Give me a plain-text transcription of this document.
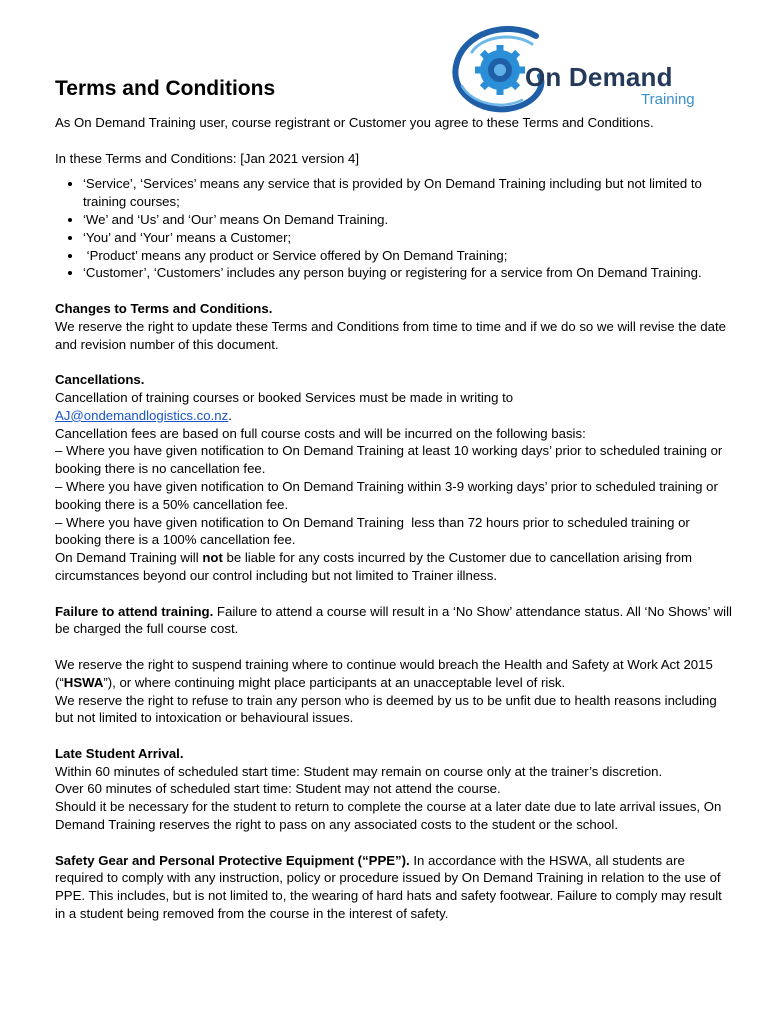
On Demand
Training
Terms and Conditions

As On Demand Training user, course registrant or Customer you agree to these Terms and Conditions.

In these Terms and Conditions: [Jan 2021 version 4]

• ‘Service’, ‘Services’ means any service that is provided by On Demand Training including but not limited to training courses;
• ‘We’ and ‘Us’ and ‘Our’ means On Demand Training.
• ‘You’ and ‘Your’ means a Customer;
•  ‘Product’ means any product or Service offered by On Demand Training;
• ‘Customer’, ‘Customers’ includes any person buying or registering for a service from On Demand Training.
Changes to Terms and Conditions.
We reserve the right to update these Terms and Conditions from time to time and if we do so we will revise the date and revision number of this document.
Cancellations.
Cancellation of training courses or booked Services must be made in writing to
AJ@ondemandlogistics.co.nz.
Cancellation fees are based on full course costs and will be incurred on the following basis:
– Where you have given notification to On Demand Training at least 10 working days’ prior to scheduled training or booking there is no cancellation fee.
– Where you have given notification to On Demand Training within 3-9 working days’ prior to scheduled training or booking there is a 50% cancellation fee.
– Where you have given notification to On Demand Training  less than 72 hours prior to scheduled training or booking there is a 100% cancellation fee.
On Demand Training will not be liable for any costs incurred by the Customer due to cancellation arising from circumstances beyond our control including but not limited to Trainer illness.

Failure to attend training. Failure to attend a course will result in a ‘No Show’ attendance status. All ‘No Shows’ will be charged the full course cost.

We reserve the right to suspend training where to continue would breach the Health and Safety at Work Act 2015 (“HSWA”), or where continuing might place participants at an unacceptable level of risk.
We reserve the right to refuse to train any person who is deemed by us to be unfit due to health reasons including but not limited to intoxication or behavioural issues.
Late Student Arrival.
Within 60 minutes of scheduled start time: Student may remain on course only at the trainer’s discretion.
Over 60 minutes of scheduled start time: Student may not attend the course.
Should it be necessary for the student to return to complete the course at a later date due to late arrival issues, On Demand Training reserves the right to pass on any associated costs to the student or the school.

Safety Gear and Personal Protective Equipment (“PPE”). In accordance with the HSWA, all students are required to comply with any instruction, policy or procedure issued by On Demand Training in relation to the use of PPE. This includes, but is not limited to, the wearing of hard hats and safety footwear. Failure to comply may result in a student being removed from the course in the interest of safety.
